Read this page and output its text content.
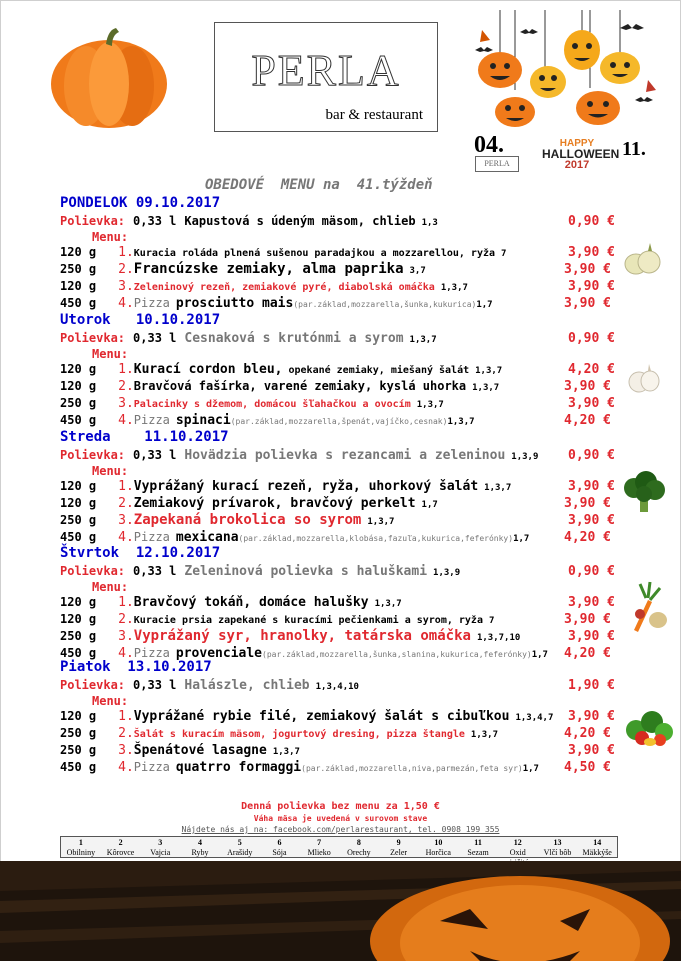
PERLA
bar & restaurant
04.	11.
PERLA
HAPPY
HALLOWEEN
2017
OBEDOVÉ  MENU na  41.týždeň
PONDELOK 09.10.2017
Polievka: 0,33 l Kapustová s údeným mäsom, chlieb 1,3	0,90 €
Menu:
120 g 1.Kuracia roláda plnená sušenou paradajkou a mozzarellou, ryža 7	3,90 €
250 g 2.Francúzske zemiaky, alma paprika 3,7	3,90 €
120 g 3.Zeleninový rezeň, zemiakové pyré, diabolská omáčka 1,3,7	3,90 €
450 g 4.Pizza prosciutto mais(par.základ,mozzarella,šunka,kukurica)1,7	3,90 €
Utorok   10.10.2017
Polievka: 0,33 l Cesnaková s krutónmi a syrom 1,3,7	0,90 €
Menu:
120 g 1.Kurací cordon bleu, opekané zemiaky, miešaný šalát 1,3,7	4,20 €
120 g 2.Bravčová fašírka, varené zemiaky, kyslá uhorka 1,3,7	3,90 €
250 g 3.Palacinky s džemom, domácou šľahačkou a ovocím 1,3,7	3,90 €
450 g 4.Pizza spinaci(par.základ,mozzarella,špenát,vajíčko,cesnak)1,3,7	4,20 €
Streda    11.10.2017
Polievka: 0,33 l Hovädzia polievka s rezancami a zeleninou 1,3,9 0,90 €
Menu:
120 g 1.Vyprážaný kurací rezeň, ryža, uhorkový šalát 1,3,7	3,90 €
120 g 2.Zemiakový prívarok, bravčový perkelt 1,7	3,90 €
250 g 3.Zapekaná brokolica so syrom 1,3,7	3,90 €
450 g 4.Pizza mexicana(par.základ,mozzarella,klobása,fazuľa,kukurica,feferónky)1,7	4,20 €
Štvrtok  12.10.2017
Polievka: 0,33 l Zeleninová polievka s haluškami 1,3,9	0,90 €
Menu:
120 g 1.Bravčový tokáň, domáce halušky 1,3,7	3,90 €
120 g 2.Kuracie prsia zapekané s kuracími pečienkami a syrom, ryža 7	3,90 €
250 g 3.Vyprážaný syr, hranolky, tatárska omáčka 1,3,7,10	3,90 €
450 g 4.Pizza provenciale(par.základ,mozzarella,šunka,slanina,kukurica,feferónky)1,7 4,20 €
Piatok  13.10.2017
Polievka: 0,33 l Halászle, chlieb 1,3,4,10	1,90 €
Menu:
120 g 1.Vyprážané rybie filé, zemiakový šalát s cibuľkou 1,3,4,7 3,90 €
250 g 2.Šalát s kuracím mäsom, jogurtový dresing, pizza štangle 1,3,7	4,20 €
250 g 3.Špenátové lasagne 1,3,7	3,90 €
450 g 4.Pizza quatrro formaggi(par.základ,mozzarella,niva,parmezán,feta syr)1,7 4,50 €
Denná polievka bez menu za 1,50 €
Váha mäsa je uvedená v surovom stave
Nájdete nás aj na: facebook.com/perlarestaurant, tel. 0908 199 355
1
Obilniny
2
Kôrovce
3
Vajcia
4
Ryby
5
Arašidy
6
Sója
7
Mlieko
8
Orechy
9
Zeler
10
Horčica
11
Sezam
12
Oxid
13
Vlčí bôb
14
Mäkkýše
